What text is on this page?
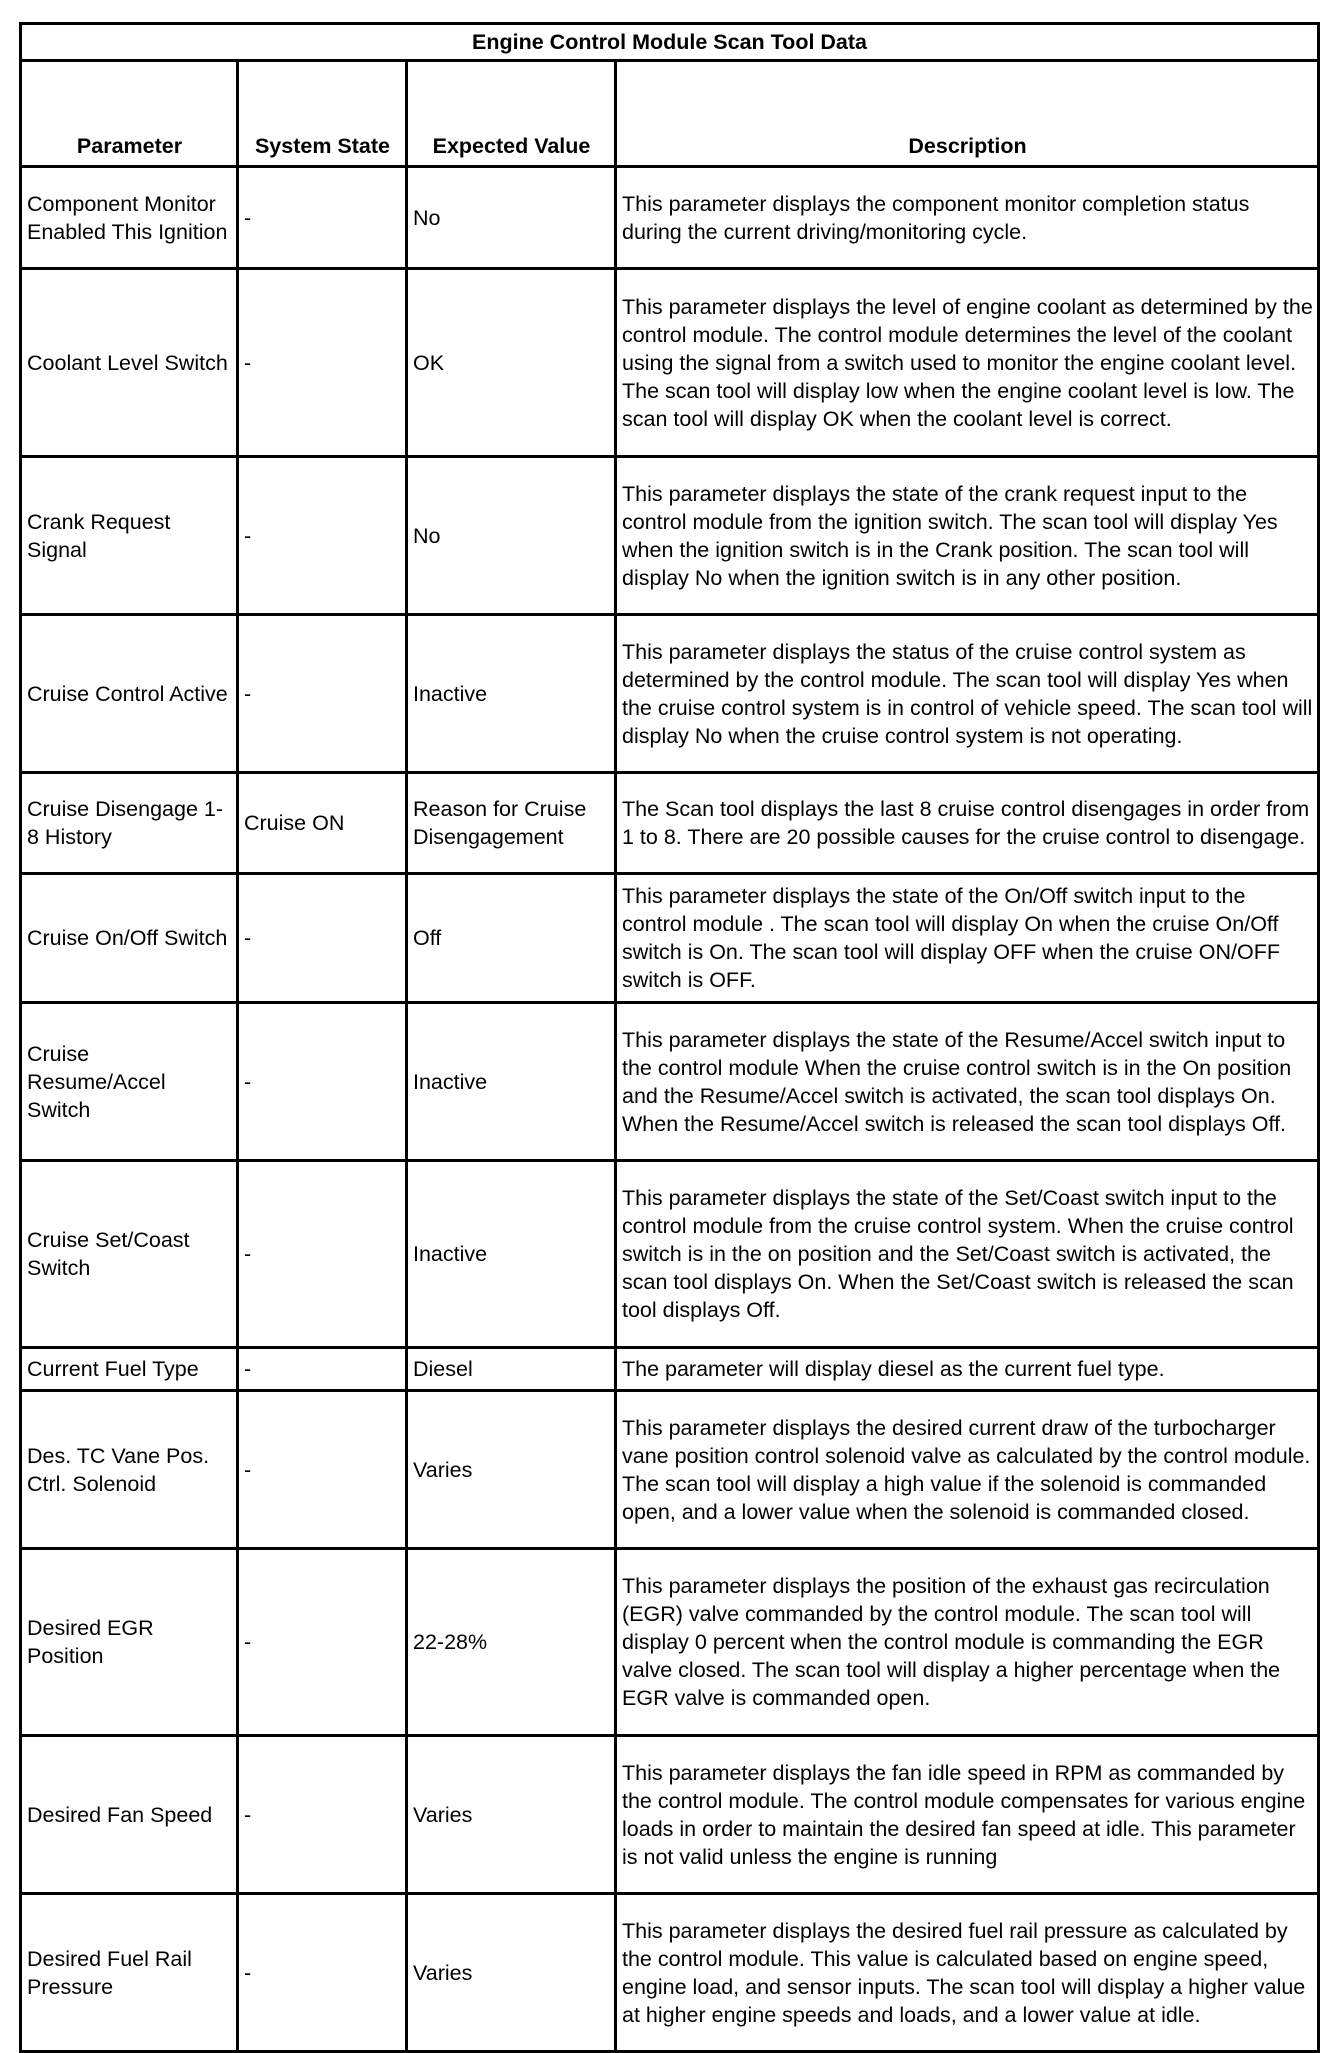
Engine Control Module Scan Tool Data			
Parameter	System State	Expected Value	Description
Component Monitor Enabled This Ignition	-	No	This parameter displays the component monitor completion status during the current driving/monitoring cycle.
Coolant Level Switch	-	OK	This parameter displays the level of engine coolant as determined by the control module. The control module determines the level of the coolant using the signal from a switch used to monitor the engine coolant level. The scan tool will display low when the engine coolant level is low. The scan tool will display OK when the coolant level is correct.
Crank Request Signal	-	No	This parameter displays the state of the crank request input to the control module from the ignition switch. The scan tool will display Yes when the ignition switch is in the Crank position. The scan tool will display No when the ignition switch is in any other position.
Cruise Control Active	-	Inactive	This parameter displays the status of the cruise control system as determined by the control module. The scan tool will display Yes when the cruise control system is in control of vehicle speed. The scan tool will display No when the cruise control system is not operating.
Cruise Disengage 1-8 History	Cruise ON	Reason for Cruise Disengagement	The Scan tool displays the last 8 cruise control disengages in order from 1 to 8. There are 20 possible causes for the cruise control to disengage.
Cruise On/Off Switch	-	Off	This parameter displays the state of the On/Off switch input to the control module . The scan tool will display On when the cruise On/Off switch is On. The scan tool will display OFF when the cruise ON/OFF switch is OFF.
Cruise Resume/Accel Switch	-	Inactive	This parameter displays the state of the Resume/Accel switch input to the control module When the cruise control switch is in the On position and the Resume/Accel switch is activated, the scan tool displays On. When the Resume/Accel switch is released the scan tool displays Off.
Cruise Set/Coast Switch	-	Inactive	This parameter displays the state of the Set/Coast switch input to the control module from the cruise control system. When the cruise control switch is in the on position and the Set/Coast switch is activated, the scan tool displays On. When the Set/Coast switch is released the scan tool displays Off.
Current Fuel Type	-	Diesel	The parameter will display diesel as the current fuel type.
Des. TC Vane Pos. Ctrl. Solenoid	-	Varies	This parameter displays the desired current draw of the turbocharger vane position control solenoid valve as calculated by the control module. The scan tool will display a high value if the solenoid is commanded open, and a lower value when the solenoid is commanded closed.
Desired EGR Position	-	22-28%	This parameter displays the position of the exhaust gas recirculation (EGR) valve commanded by the control module. The scan tool will display 0 percent when the control module is commanding the EGR valve closed. The scan tool will display a higher percentage when the EGR valve is commanded open.
Desired Fan Speed	-	Varies	This parameter displays the fan idle speed in RPM as commanded by the control module. The control module compensates for various engine loads in order to maintain the desired fan speed at idle. This parameter is not valid unless the engine is running
Desired Fuel Rail Pressure	-	Varies	This parameter displays the desired fuel rail pressure as calculated by the control module. This value is calculated based on engine speed, engine load, and sensor inputs. The scan tool will display a higher value at higher engine speeds and loads, and a lower value at idle.
